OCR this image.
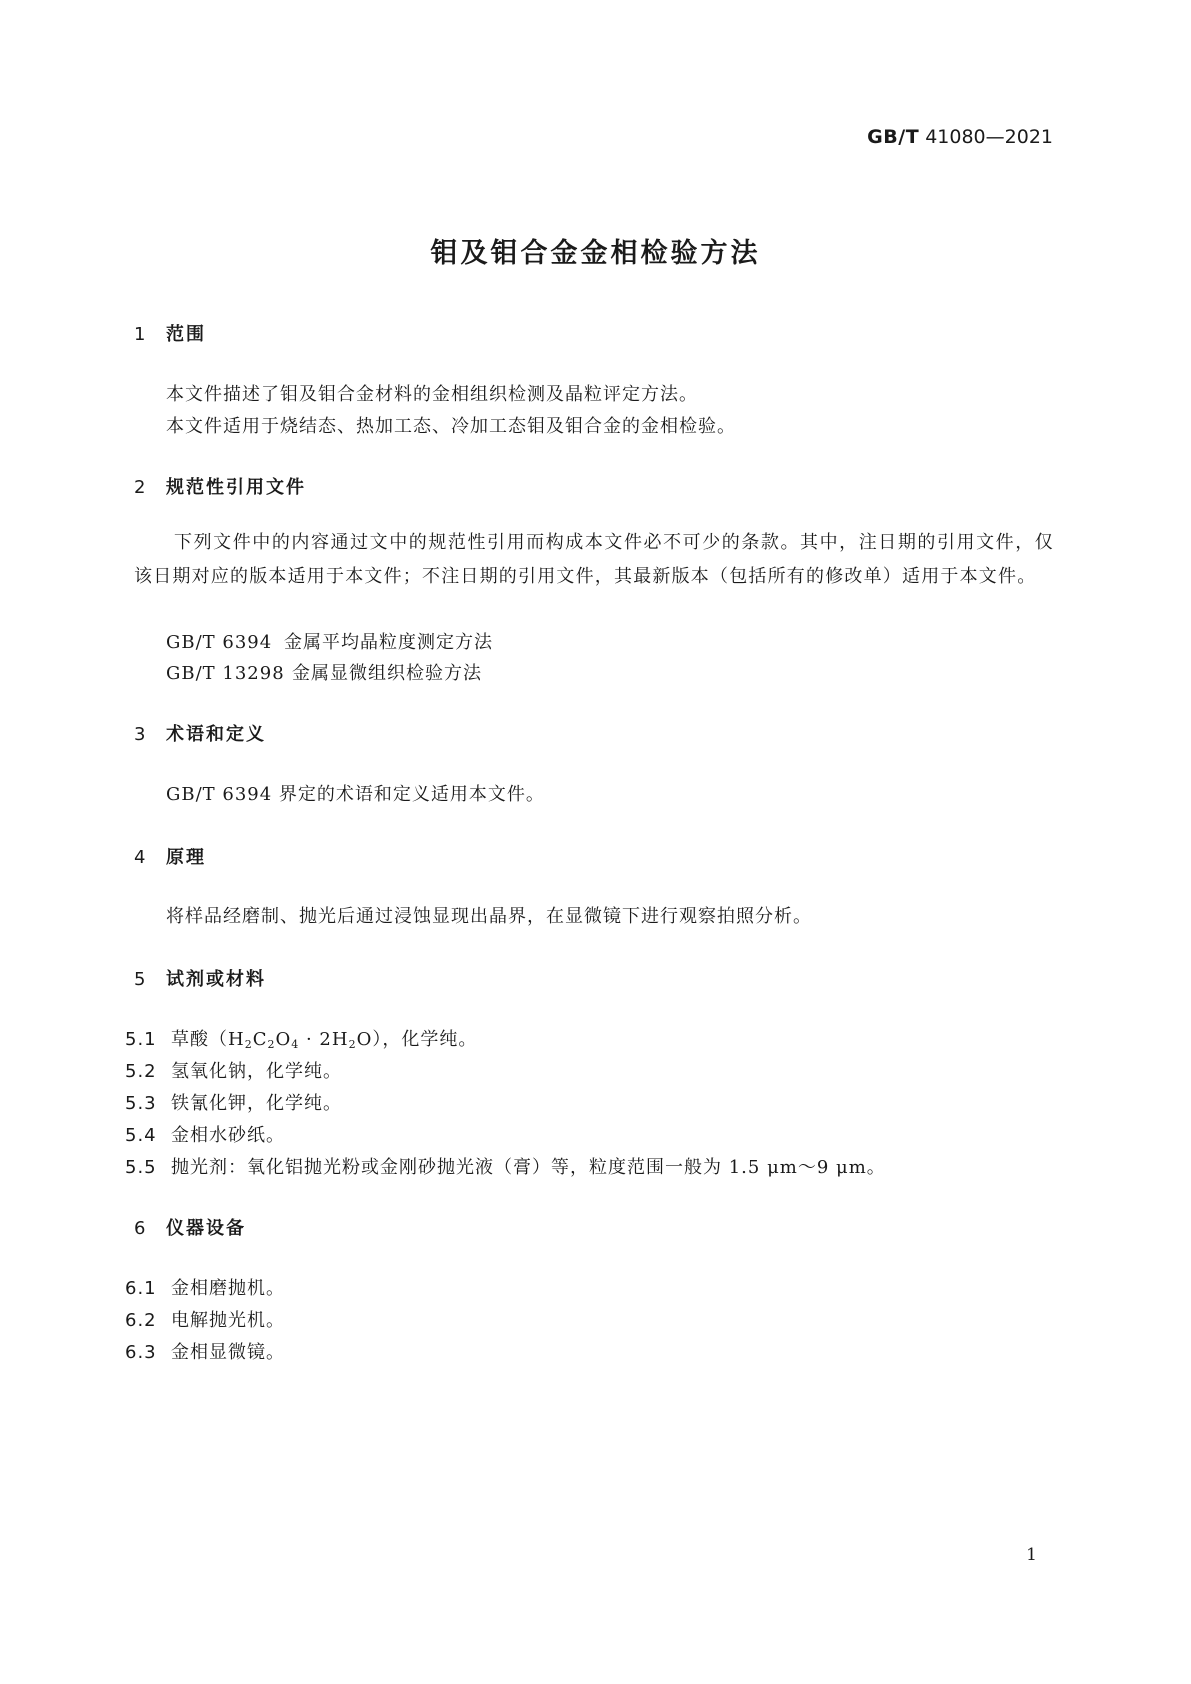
GB/T 41080—2021
钼及钼合金金相检验方法
1 范围
本文件描述了钼及钼合金材料的金相组织检测及晶粒评定方法。
本文件适用于烧结态、热加工态、冷加工态钼及钼合金的金相检验。
2 规范性引用文件
下列文件中的内容通过文中的规范性引用而构成本文件必不可少的条款。其中，注日期的引用文件，仅该日期对应的版本适用于本文件；不注日期的引用文件，其最新版本（包括所有的修改单）适用于本文件。
GB/T 6394 金属平均晶粒度测定方法
GB/T 13298 金属显微组织检验方法
3 术语和定义
GB/T 6394 界定的术语和定义适用本文件。
4 原理
将样品经磨制、抛光后通过浸蚀显现出晶界，在显微镜下进行观察拍照分析。
5 试剂或材料
5.1 草酸$(H_2C_2O_4 \cdot 2H_2O)$，化学纯。
5.2 氢氧化钠，化学纯。
5.3 铁氰化钾，化学纯。
5.4 金相水砂纸。
5.5 抛光剂：氧化铝抛光粉或金刚砂抛光液（膏）等，粒度范围一般为 1.5 μm～9 μm。
6 仪器设备
6.1 金相磨抛机。
6.2 电解抛光机。
6.3 金相显微镜。
1
